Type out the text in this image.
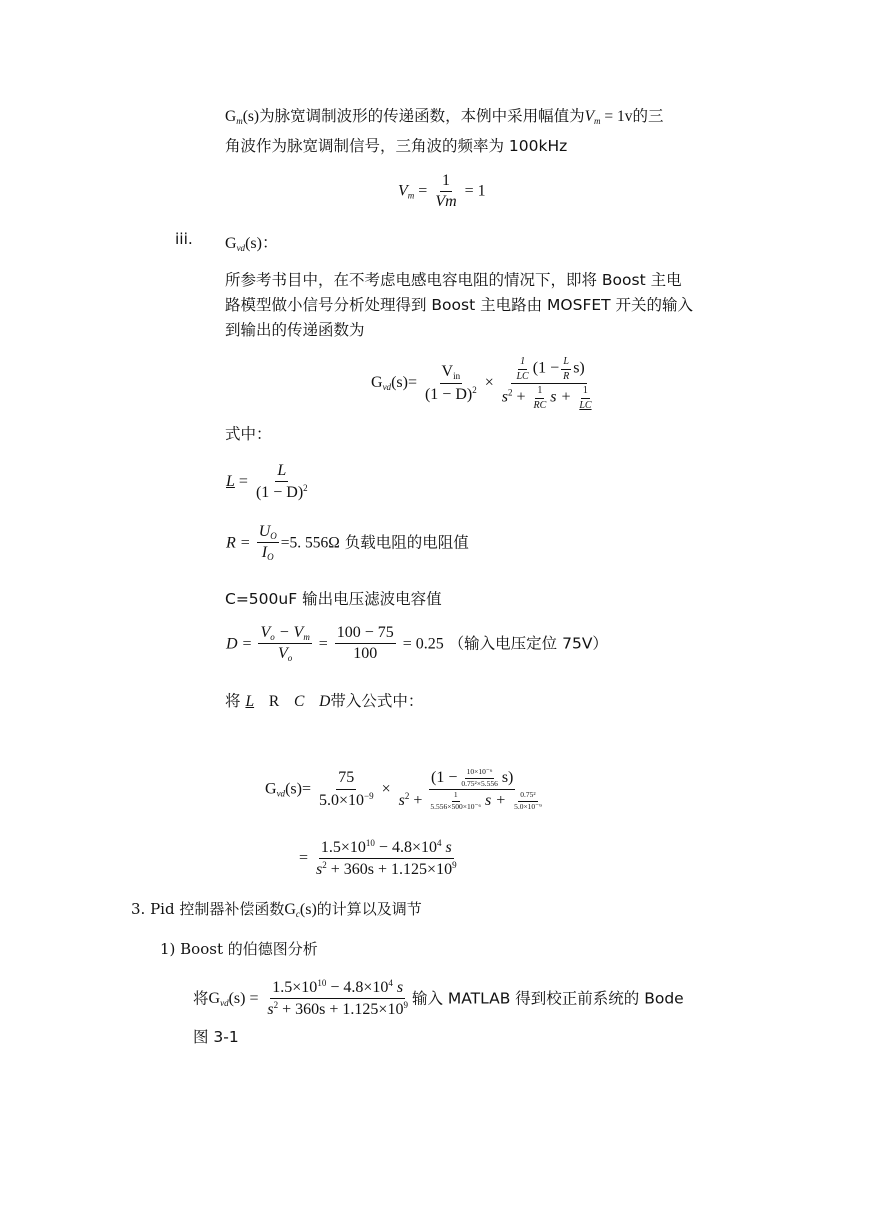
$G_m(s)$为脉宽调制波形的传递函数，本例中采用幅值为$V_m = 1v$的三
角波作为脉宽调制信号，三角波的频率为 100kHz
$V_m = \frac{1}{Vm} = 1$
iii. $G_{vd}(s)$：
所参考书目中，在不考虑电感电容电阻的情况下，即将 Boost 主电
路模型做小信号分析处理得到 Boost 主电路由 MOSFET 开关的输入
到输出的传递函数为
$G_{vd}(s)= \frac{V_{in}}{(1 - D)^2} \times \frac{\frac{1}{LC} (1 - \frac{L}{R} s)}{s^2 + \frac{1}{RC} s + \frac{1}{LC}}$
式中：
$L = \frac{L}{(1 - D)^2}$
$R = \frac{U_O}{I_O} =5$. 556Ω 负载电阻的电阻值
C=500uF 输出电压滤波电容值
$D = \frac{V_o - V_m}{V_o} = \frac{100 - 75}{100} = 0.25$ （输入电压定位 75V）
将 L R C D带入公式中：
$G_{vd}(s)= \frac{75}{5.0\times 10^{-9}} \times \frac{(1 - \frac{\text{10×10⁻⁶}}{\text{0.75²×5.556}} s)}{s^2 + \frac{1}{\text{5.556×500×10⁻⁶}} s + \frac{\text{0.75²}}{\text{5.0×10⁻⁹}}}$
= $\frac{1.5\times 10^{10} - 4.8\times 10^4 s}{s^2 + 360s + 1.125\times 10^9}$
3. Pid 控制器补偿函数$G_c(s)$的计算以及调节
1) Boost 的伯德图分析
将$G_{vd}(s) = \frac{1.5\times 10^{10} - 4.8\times 10^4 s}{s^2 + 360s + 1.125\times 10^9}$ 输入 MATLAB 得到校正前系统的 Bode
图 3-1
